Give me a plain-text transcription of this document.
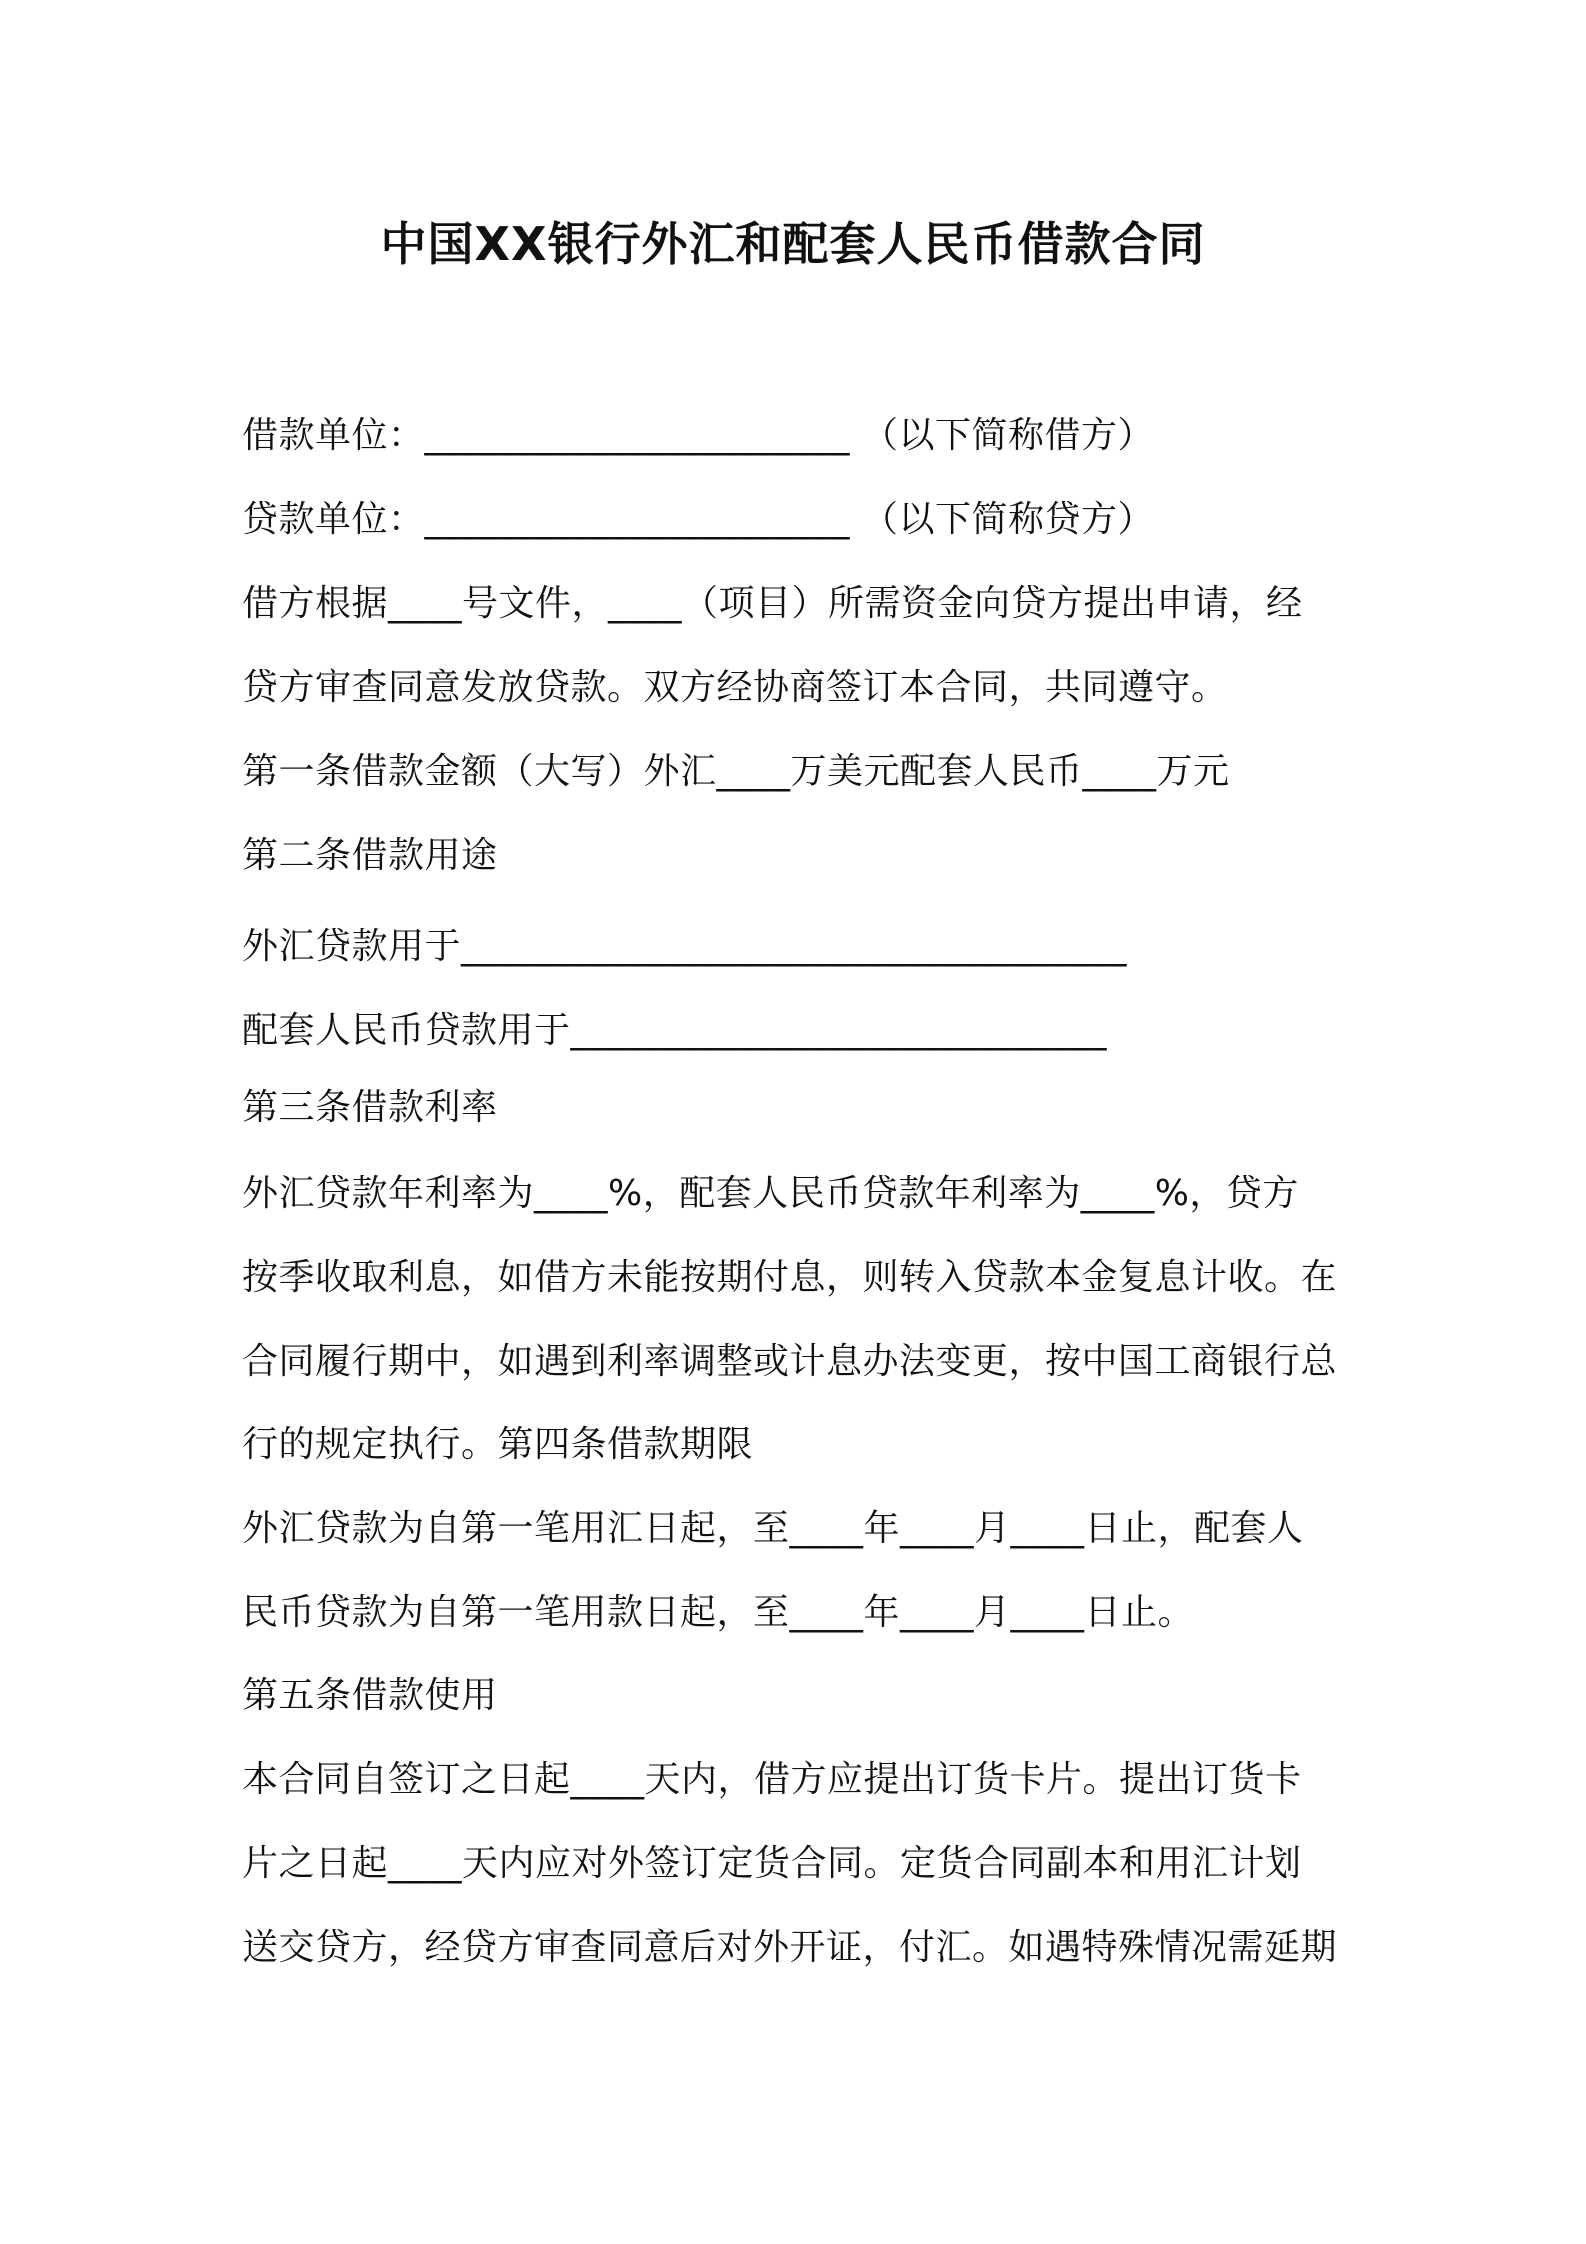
中国XX银行外汇和配套人民币借款合同
借款单位：_______________________ （以下简称借方）
贷款单位：_______________________ （以下简称贷方）
借方根据____号文件，____（项目）所需资金向贷方提出申请，经
贷方审查同意发放贷款。双方经协商签订本合同，共同遵守。
第一条借款金额（大写）外汇____万美元配套人民币____万元
第二条借款用途
外汇贷款用于____________________________________
配套人民币贷款用于_____________________________
第三条借款利率
外汇贷款年利率为____%，配套人民币贷款年利率为____%，贷方
按季收取利息，如借方未能按期付息，则转入贷款本金复息计收。在
合同履行期中，如遇到利率调整或计息办法变更，按中国工商银行总
行的规定执行。第四条借款期限
外汇贷款为自第一笔用汇日起，至____年____月____日止，配套人
民币贷款为自第一笔用款日起，至____年____月____日止。
第五条借款使用
本合同自签订之日起____天内，借方应提出订货卡片。提出订货卡
片之日起____天内应对外签订定货合同。定货合同副本和用汇计划
送交贷方，经贷方审查同意后对外开证，付汇。如遇特殊情况需延期
